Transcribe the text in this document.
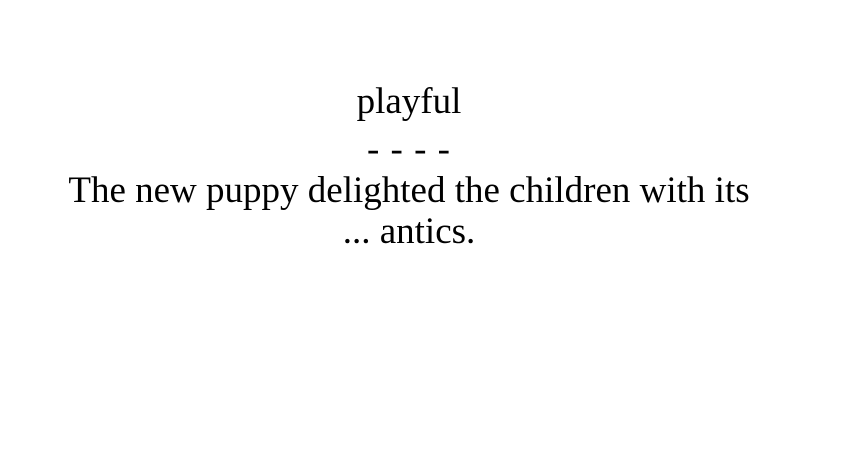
playful
- - - -
The new puppy delighted the children with its
... antics.
